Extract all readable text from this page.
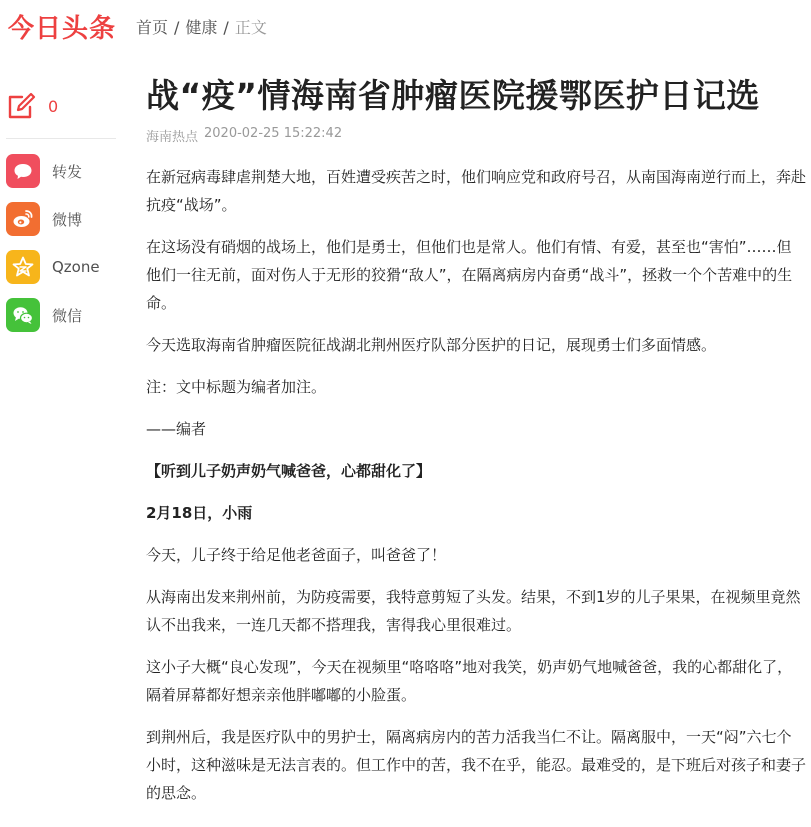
今日头条 首页 / 健康 / 正文
0
转发
微博
Qzone
微信
战“疫”情海南省肿瘤医院援鄂医护日记选
海南热点 2020-02-25 15:22:42

在新冠病毒肆虐荆楚大地，百姓遭受疾苦之时，他们响应党和政府号召，从南国海南逆行而上，奔赴抗疫“战场”。

在这场没有硝烟的战场上，他们是勇士，但他们也是常人。他们有情、有爱，甚至也“害怕”……但他们一往无前，面对伤人于无形的狡猾“敌人”，在隔离病房内奋勇“战斗”，拯救一个个苦难中的生命。

今天选取海南省肿瘤医院征战湖北荆州医疗队部分医护的日记，展现勇士们多面情感。

注：文中标题为编者加注。

——编者

【听到儿子奶声奶气喊爸爸，心都甜化了】

2月18日，小雨

今天，儿子终于给足他老爸面子，叫爸爸了！

从海南出发来荆州前，为防疫需要，我特意剪短了头发。结果，不到1岁的儿子果果，在视频里竟然认不出我来，一连几天都不搭理我，害得我心里很难过。

这小子大概“良心发现”，今天在视频里“咯咯咯”地对我笑，奶声奶气地喊爸爸，我的心都甜化了，隔着屏幕都好想亲亲他胖嘟嘟的小脸蛋。

到荆州后，我是医疗队中的男护士，隔离病房内的苦力活我当仁不让。隔离服中，一天“闷”六七个小时，这种滋味是无法言表的。但工作中的苦，我不在乎，能忍。最难受的，是下班后对孩子和妻子的思念。
